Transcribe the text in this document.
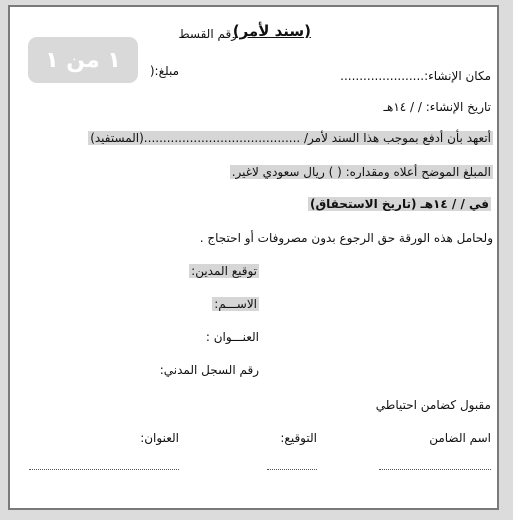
(سند لأمر)
رقم القسط
١ من ١	مبلغ:(	مكان الإنشاء:......................
تاريخ الإنشاء: / / ١٤هـ
أتعهد بأن أدفع بموجب هذا السند لأمر/ .........................................(المستفيد)
المبلغ الموضح أعلاه ومقداره: ( ) ريال سعودي لاغير.
في / / ١٤هـ (تاريخ الاستحقاق)
ولحامل هذه الورقة حق الرجوع بدون مصروفات أو احتجاج .
توقيع المدين:
الاســـم:
العنـــوان :
رقم السجل المدني:
مقبول كضامن احتياطي
اسم الضامن
التوقيع:
العنوان:
